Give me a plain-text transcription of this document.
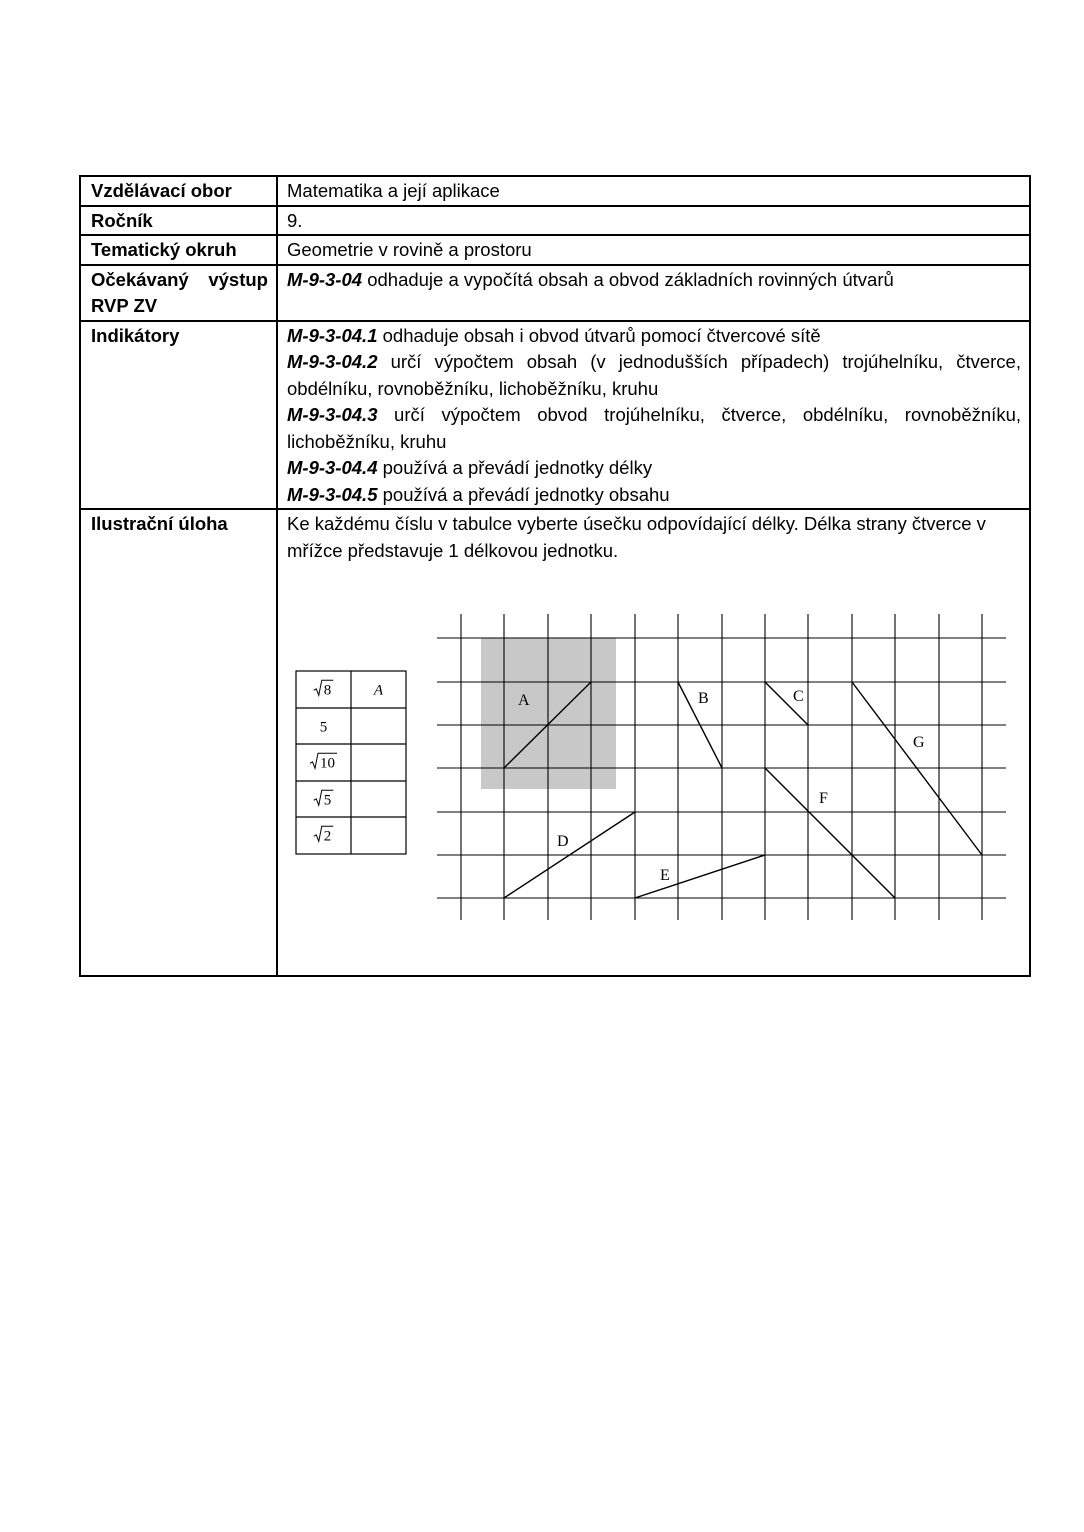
Vzdělávací obor	Matematika a její aplikace
Ročník	9.
Tematický okruh	Geometrie v rovině a prostoru

Očekávaný výstup
RVP ZV	M-9-3-04 odhaduje a vypočítá obsah a obvod základních rovinných útvarů
Indikátory	M-9-3-04.1 odhaduje obsah i obvod útvarů pomocí čtvercové sítě
M-9-3-04.2 určí výpočtem obsah (v jednodušších případech) trojúhelníku, čtverce, obdélníku, rovnoběžníku, lichoběžníku, kruhu
M-9-3-04.3 určí výpočtem obvod trojúhelníku, čtverce, obdélníku, rovnoběžníku, lichoběžníku, kruhu
M-9-3-04.4 používá a převádí jednotky délky
M-9-3-04.5 používá a převádí jednotky obsahu

Ilustrační úloha	Ke každému číslu v tabulce vyberte úsečku odpovídající délky. Délka strany čtverce v mřížce představuje 1 délkovou jednotku.
A	B	C
G
F
D
E
8	A
5
10
5
2
